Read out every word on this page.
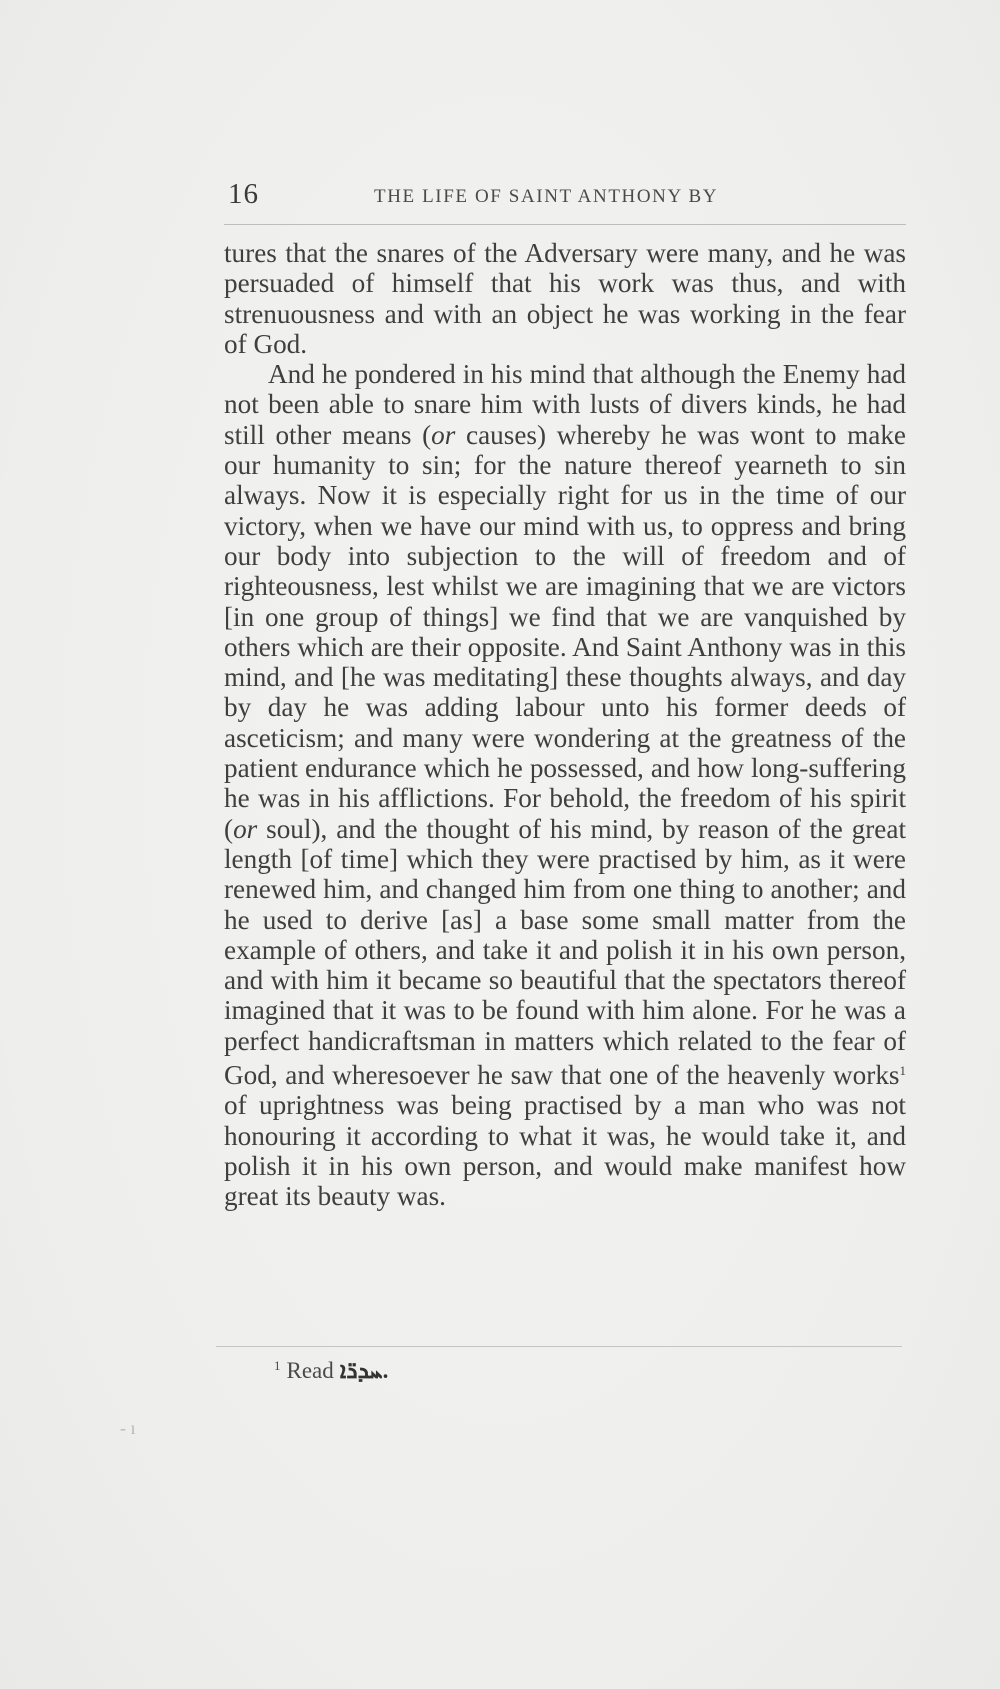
16	THE LIFE OF SAINT ANTHONY BY

tures that the snares of the Adversary were many, and he was persuaded of himself that his work was thus, and with strenuousness and with an object he was working in the fear of God.

And he pondered in his mind that although the Enemy had not been able to snare him with lusts of divers kinds, he had still other means (or causes) whereby he was wont to make our humanity to sin; for the nature thereof yearneth to sin always. Now it is especially right for us in the time of our victory, when we have our mind with us, to oppress and bring our body into subjection to the will of freedom and of righteousness, lest whilst we are imagining that we are victors [in one group of things] we find that we are vanquished by others which are their opposite. And Saint Anthony was in this mind, and [he was meditating] these thoughts always, and day by day he was adding labour unto his former deeds of asceticism; and many were wondering at the greatness of the patient endurance which he possessed, and how long-suffering he was in his afflictions. For behold, the freedom of his spirit (or soul), and the thought of his mind, by reason of the great length [of time] which they were practised by him, as it were renewed him, and changed him from one thing to another; and he used to derive [as] a base some small matter from the example of others, and take it and polish it in his own person, and with him it became so beautiful that the spectators thereof imagined that it was to be found with him alone. For he was a perfect handicraftsman in matters which related to the fear of God, and wheresoever he saw that one of the heavenly works$^1$ of uprightness was being practised by a man who was not honouring it according to what it was, he would take it, and polish it in his own person, and would make manifest how great its beauty was.

$^1$ Read ܚܕܪ̈ܐ.
- ı
